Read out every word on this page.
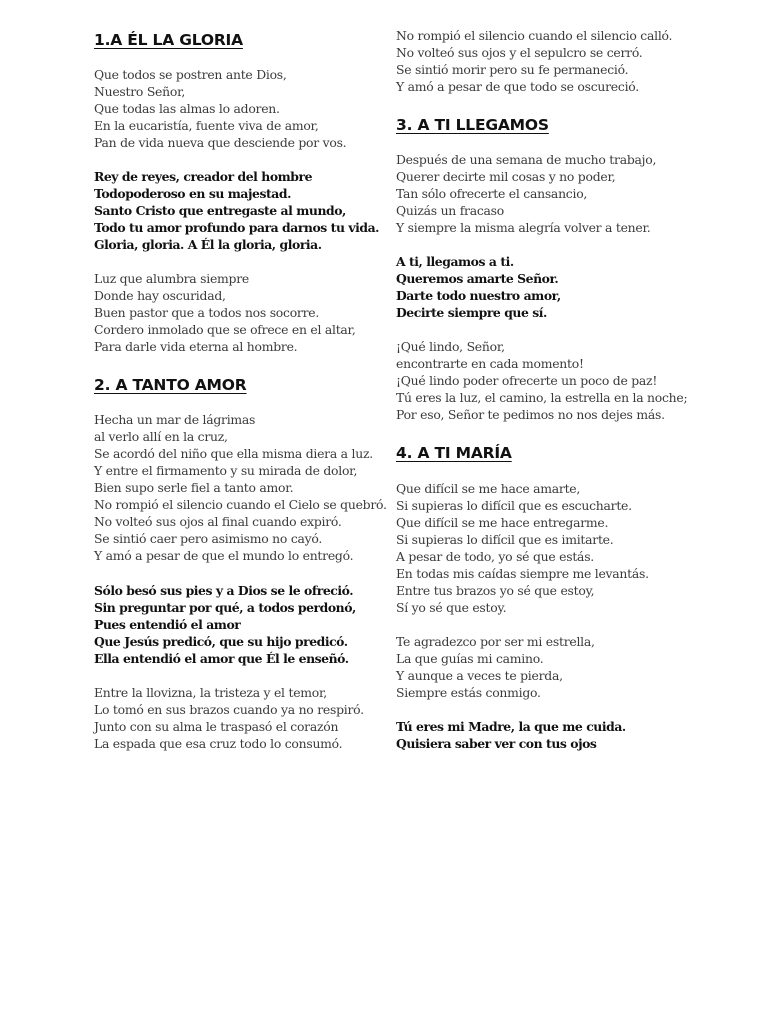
1.A ÉL LA GLORIA
Que todos se postren ante Dios,
Nuestro Señor,
Que todas las almas lo adoren.
En la eucaristía, fuente viva de amor,
Pan de vida nueva que desciende por vos.
Rey de reyes, creador del hombre
Todopoderoso en su majestad.
Santo Cristo que entregaste al mundo,
Todo tu amor profundo para darnos tu vida.
Gloria, gloria. A Él la gloria, gloria.
Luz que alumbra siempre
Donde hay oscuridad,
Buen pastor que a todos nos socorre.
Cordero inmolado que se ofrece en el altar,
Para darle vida eterna al hombre.
2. A TANTO AMOR
Hecha un mar de lágrimas
al verlo allí en la cruz,
Se acordó del niño que ella misma diera a luz.
Y entre el firmamento y su mirada de dolor,
Bien supo serle fiel a tanto amor.
No rompió el silencio cuando el Cielo se quebró.
No volteó sus ojos al final cuando expiró.
Se sintió caer pero asimismo no cayó.
Y amó a pesar de que el mundo lo entregó.
Sólo besó sus pies y a Dios se le ofreció.
Sin preguntar por qué, a todos perdonó,
Pues entendió el amor
Que Jesús predicó, que su hijo predicó.
Ella entendió el amor que Él le enseñó.
Entre la llovizna, la tristeza y el temor,
Lo tomó en sus brazos cuando ya no respiró.
Junto con su alma le traspasó el corazón
La espada que esa cruz todo lo consumó.
No rompió el silencio cuando el silencio calló.
No volteó sus ojos y el sepulcro se cerró.
Se sintió morir pero su fe permaneció.
Y amó a pesar de que todo se oscureció.
3. A TI LLEGAMOS
Después de una semana de mucho trabajo,
Querer decirte mil cosas y no poder,
Tan sólo ofrecerte el cansancio,
Quizás un fracaso
Y siempre la misma alegría volver a tener.
A ti, llegamos a ti.
Queremos amarte Señor.
Darte todo nuestro amor,
Decirte siempre que sí.
¡Qué lindo, Señor,
encontrarte en cada momento!
¡Qué lindo poder ofrecerte un poco de paz!
Tú eres la luz, el camino, la estrella en la noche;
Por eso, Señor te pedimos no nos dejes más.
4. A TI MARÍA
Que difícil se me hace amarte,
Si supieras lo difícil que es escucharte.
Que difícil se me hace entregarme.
Si supieras lo difícil que es imitarte.
A pesar de todo, yo sé que estás.
En todas mis caídas siempre me levantás.
Entre tus brazos yo sé que estoy,
Sí yo sé que estoy.
Te agradezco por ser mi estrella,
La que guías mi camino.
Y aunque a veces te pierda,
Siempre estás conmigo.
Tú eres mi Madre, la que me cuida.
Quisiera saber ver con tus ojos
